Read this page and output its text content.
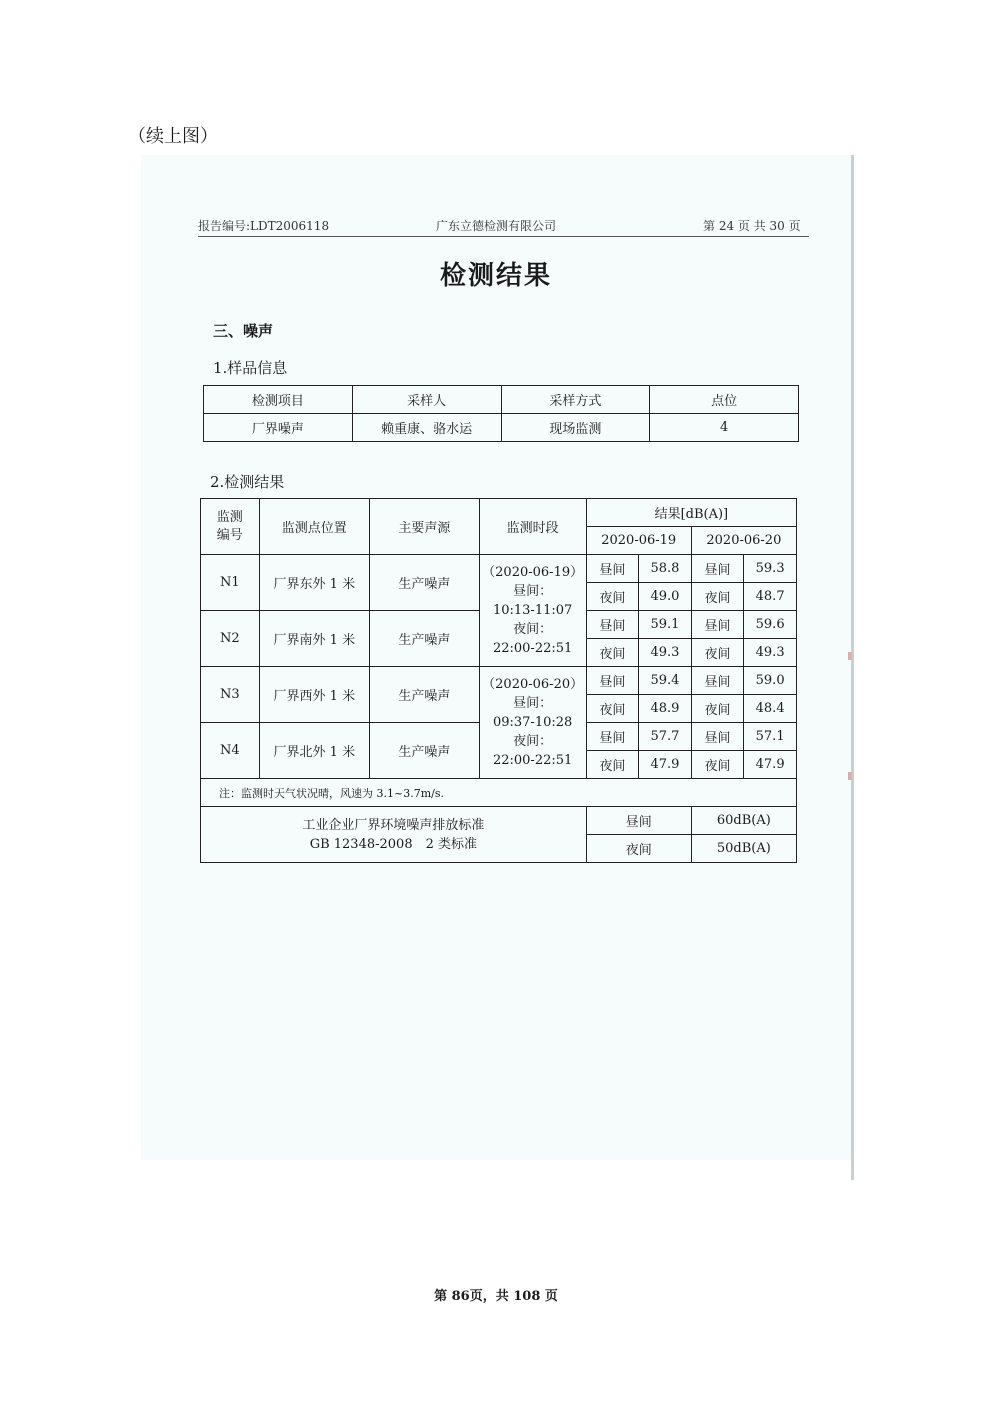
（续上图）
报告编号:LDT2006118	广东立德检测有限公司	第 24 页 共 30 页
检测结果
三、噪声
1.样品信息
检测项目	采样人	采样方式	点位
厂界噪声	赖重康、骆水运	现场监测	4
2.检测结果
监测编号	监测点位置	主要声源	监测时段	结果[dB(A)]			
				2020-06-19		2020-06-20	
N1	厂界东外 1 米	生产噪声	（2020-06-19）
昼间：
10:13-11:07
夜间：
22:00-22:51	昼间	58.8	昼间	59.3
				夜间	49.0	夜间	48.7
N2	厂界南外 1 米	生产噪声		昼间	59.1	昼间	59.6
				夜间	49.3	夜间	49.3
N3	厂界西外 1 米	生产噪声	（2020-06-20）
昼间：
09:37-10:28
夜间：
22:00-22:51	昼间	59.4	昼间	59.0
				夜间	48.9	夜间	48.4
N4	厂界北外 1 米	生产噪声		昼间	57.7	昼间	57.1
				夜间	47.9	夜间	47.9
注：监测时天气状况晴，风速为 3.1~3.7m/s.							

工业企业厂界环境噪声排放标准
GB 12348-2008　2 类标准				昼间		60dB(A)	
				夜间		50dB(A)	
第 86页，共 108 页
